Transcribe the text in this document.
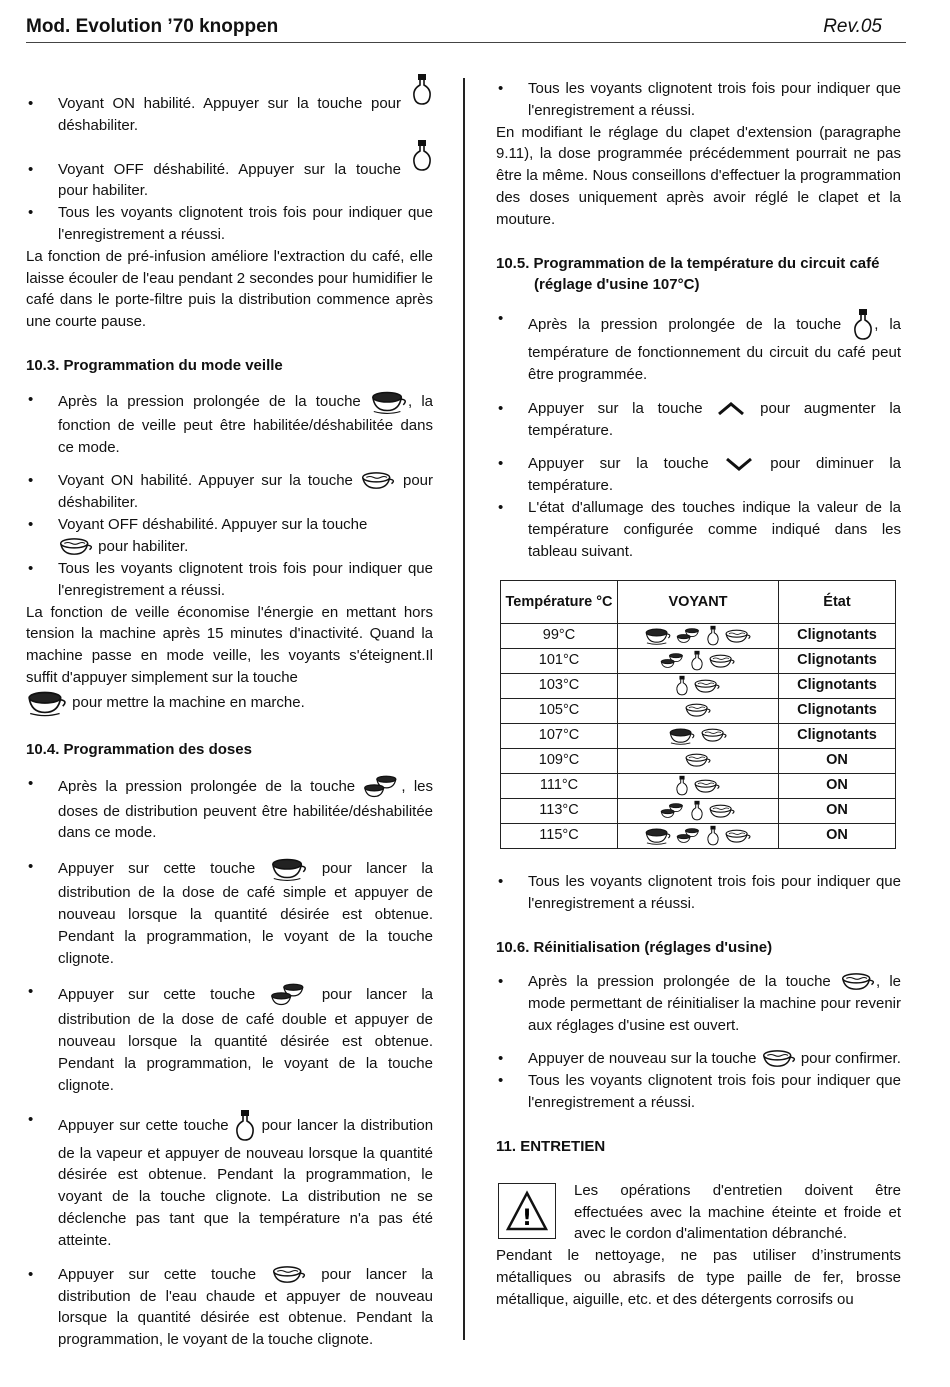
Mod. Evolution ’70 knoppen	Rev.05
• Voyant ON habilité. Appuyer sur la touche pour déshabiliter.
• Voyant OFF déshabilité. Appuyer sur la touche pour habiliter.
• Tous les voyants clignotent trois fois pour indiquer que l'enregistrement a réussi.

La fonction de pré-infusion améliore l'extraction du café, elle laisse écouler de l'eau pendant 2 secondes pour humidifier le café dans le porte-filtre puis la distribution commence après une courte pause.

10.3. Programmation du mode veille

• Après la pression prolongée de la touche	, la fonction de veille peut être habilitée/déshabilitée dans ce mode.
• Voyant ON habilité. Appuyer sur la touche	pour déshabiliter.
• Voyant OFF déshabilité. Appuyer sur la touche

pour habiliter.
• Tous les voyants clignotent trois fois pour indiquer que l'enregistrement a réussi.

La fonction de veille économise l'énergie en mettant hors tension la machine après 15 minutes d'inactivité. Quand la machine passe en mode veille, les voyants s'éteignent.Il suffit d'appuyer simplement sur la touche

pour mettre la machine en marche.

10.4. Programmation des doses

• Après la pression prolongée de la touche	, les doses de distribution peuvent être habilitée/déshabilitée dans ce mode.
• Appuyer sur cette touche	pour lancer la distribution de la dose de café simple et appuyer de nouveau lorsque la quantité désirée est obtenue. Pendant la programmation, le voyant de la touche clignote.
• Appuyer sur cette touche	pour lancer la distribution de la dose de café double et appuyer de nouveau lorsque la quantité désirée est obtenue. Pendant la programmation, le voyant de la touche clignote.
• Appuyer sur cette touche pour lancer la distribution de la vapeur et appuyer de nouveau lorsque la quantité désirée est obtenue. Pendant la programmation, le voyant de la touche clignote. La distribution ne se déclenche pas tant que la température n'a pas été atteinte.
• Appuyer sur cette touche	pour lancer la distribution de l'eau chaude et appuyer de nouveau lorsque la quantité désirée est obtenue. Pendant la programmation, le voyant de la touche clignote.
• Tous les voyants clignotent trois fois pour indiquer que l'enregistrement a réussi.

En modifiant le réglage du clapet d'extension (paragraphe 9.11), la dose programmée précédemment pourrait ne pas être la même. Nous conseillons d'effectuer la programmation des doses uniquement après avoir réglé le clapet et la mouture.

10.5. Programmation de la température du circuit café

(réglage d'usine 107°C)

• Après la pression prolongée de la touche , la température de fonctionnement du circuit du café peut être programmée.
• Appuyer sur la touche	pour augmenter la température.
• Appuyer sur la touche	pour diminuer la température.
• L'état d'allumage des touches indique la valeur de la température configurée comme indiqué dans les tableau suivant.
Température °C	VOYANT	État
99°C		Clignotants
101°C		Clignotants
103°C		Clignotants
105°C		Clignotants
107°C		Clignotants
109°C		ON
111°C		ON
113°C		ON
115°C		ON
• Tous les voyants clignotent trois fois pour indiquer que l'enregistrement a réussi.

10.6. Réinitialisation (réglages d'usine)

• Après la pression prolongée de la touche	, le mode permettant de réinitialiser la machine pour revenir aux réglages d'usine est ouvert.
• Appuyer de nouveau sur la touche	pour confirmer.
• Tous les voyants clignotent trois fois pour indiquer que l'enregistrement a réussi.

11. ENTRETIEN

!

Les opérations d'entretien doivent être effectuées avec la machine éteinte et froide et avec le cordon d'alimentation débranché.

Pendant le nettoyage, ne pas utiliser d’instruments métalliques ou abrasifs de type paille de fer, brosse métallique, aiguille, etc. et des détergents corrosifs ou
